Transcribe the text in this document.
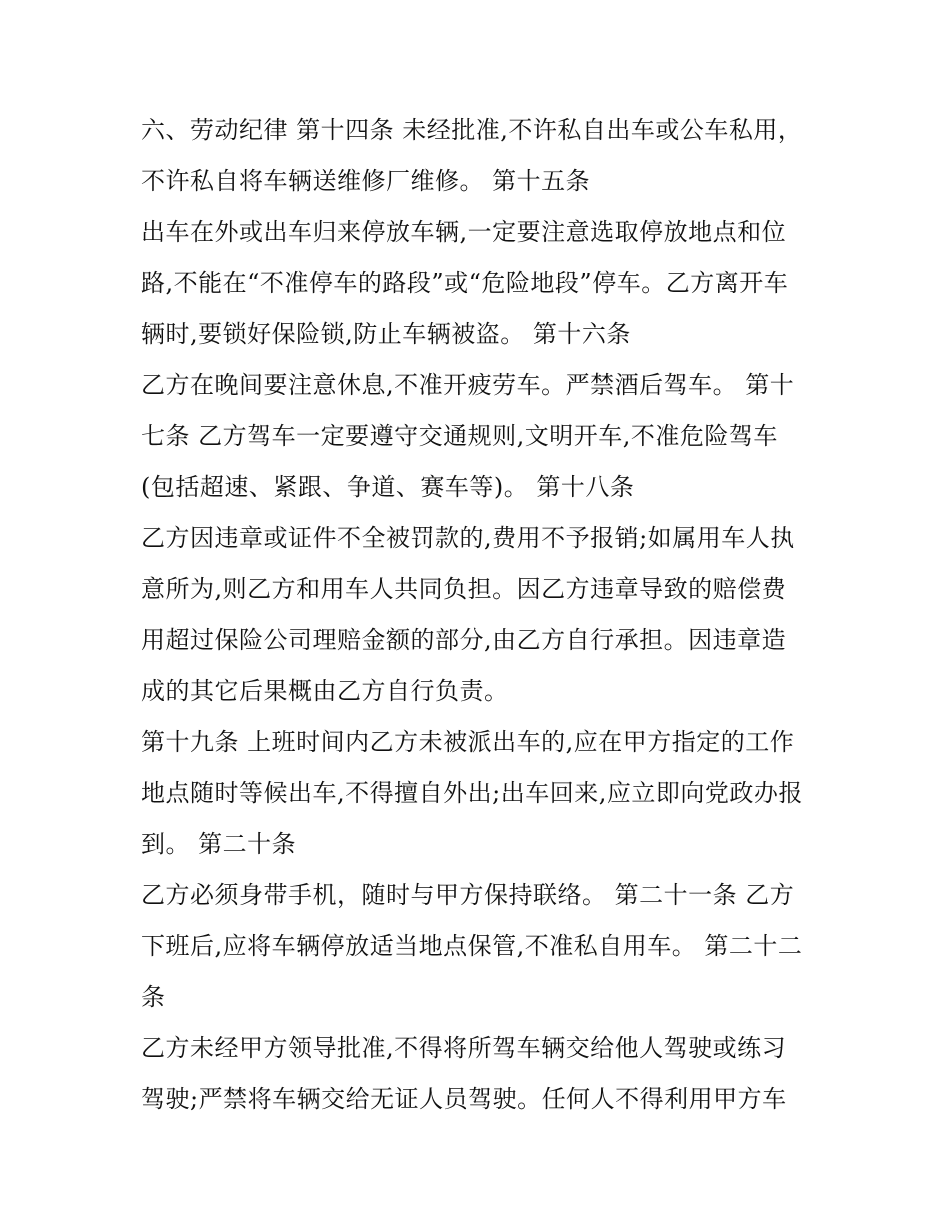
六、劳动纪律 第十四条 未经批准,不许私自出车或公车私用，
不许私自将车辆送维修厂维修。 第十五条
出车在外或出车归来停放车辆,一定要注意选取停放地点和位
路,不能在“不准停车的路段”或“危险地段”停车。乙方离开车
辆时,要锁好保险锁,防止车辆被盗。 第十六条
乙方在晚间要注意休息,不准开疲劳车。严禁酒后驾车。 第十
七条 乙方驾车一定要遵守交通规则,文明开车,不准危险驾车
(包括超速、紧跟、争道、赛车等)。 第十八条
乙方因违章或证件不全被罚款的,费用不予报销;如属用车人执
意所为,则乙方和用车人共同负担。因乙方违章导致的赔偿费
用超过保险公司理赔金额的部分,由乙方自行承担。因违章造
成的其它后果概由乙方自行负责。
第十九条 上班时间内乙方未被派出车的,应在甲方指定的工作
地点随时等候出车,不得擅自外出;出车回来,应立即向党政办报
到。 第二十条
乙方必须身带手机，随时与甲方保持联络。 第二十一条 乙方
下班后,应将车辆停放适当地点保管,不准私自用车。 第二十二
条
乙方未经甲方领导批准,不得将所驾车辆交给他人驾驶或练习
驾驶;严禁将车辆交给无证人员驾驶。任何人不得利用甲方车
